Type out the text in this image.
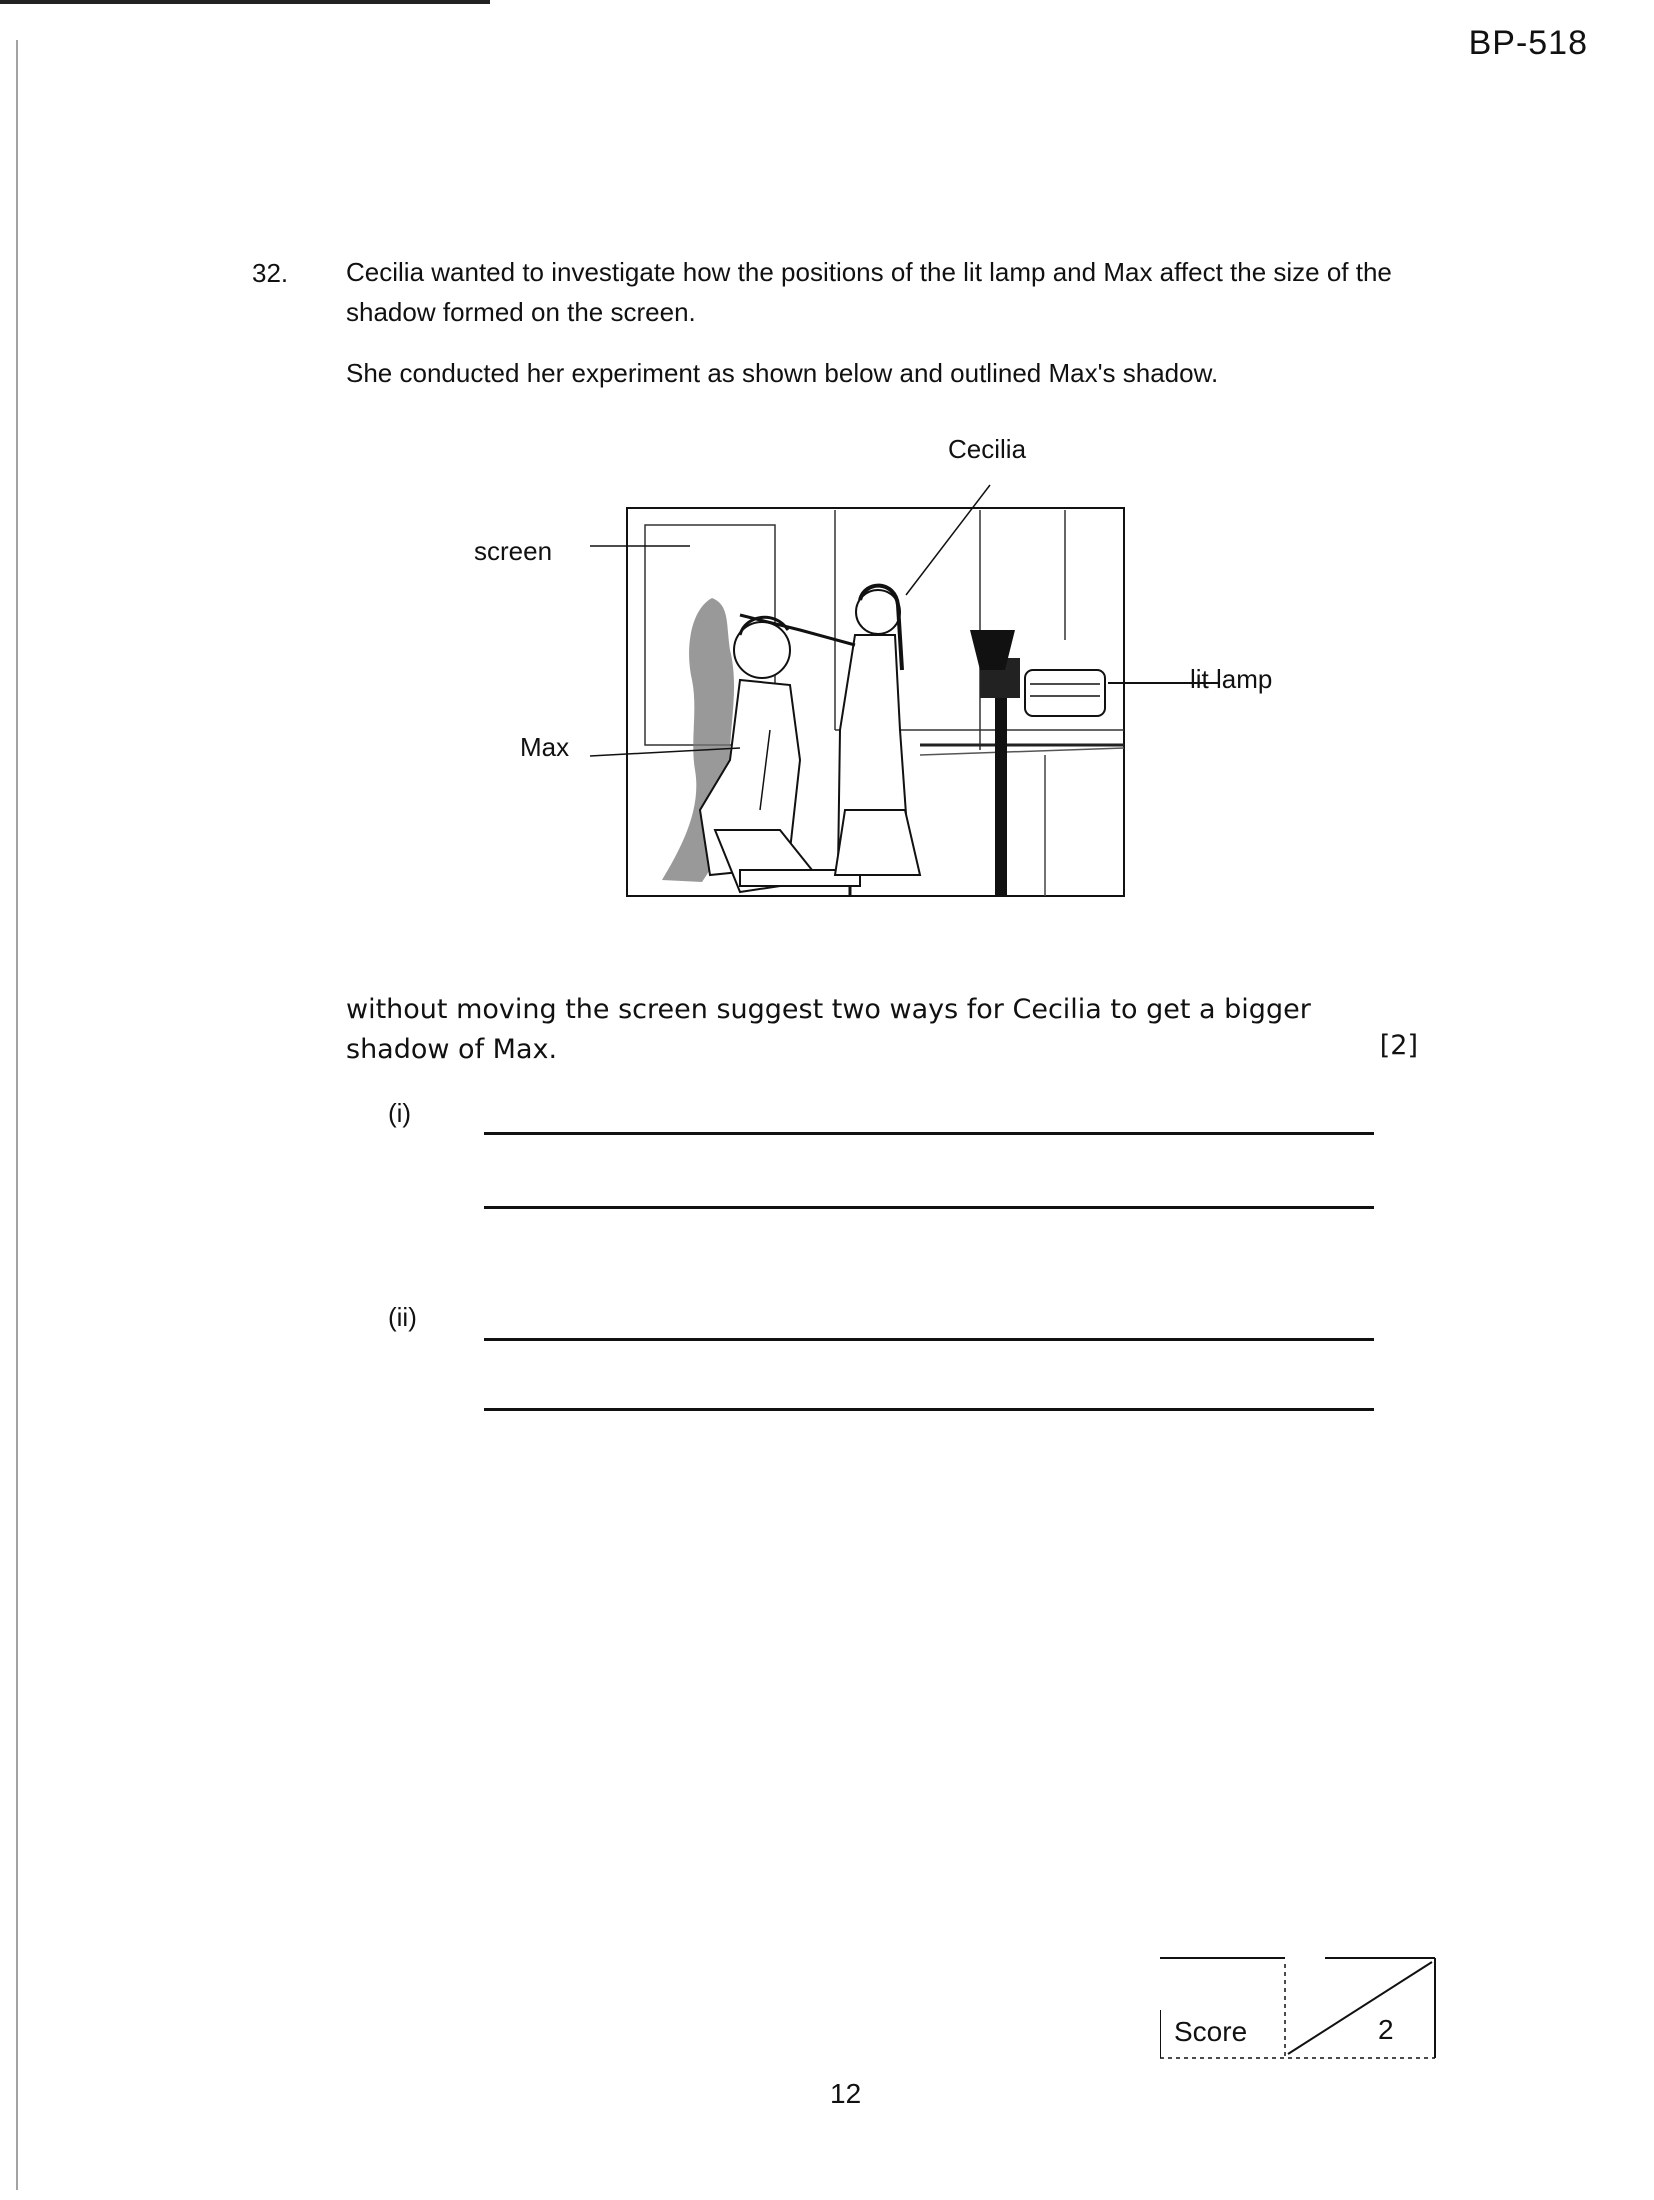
BP-518
32. Cecilia wanted to investigate how the positions of the lit lamp and Max affect the size of the shadow formed on the screen.
She conducted her experiment as shown below and outlined Max's shadow.
Cecilia
screen
lit lamp
Max
without moving the screen suggest two ways for Cecilia to get a bigger shadow of Max.	[2]
(i)
(ii)
Score	2
12
